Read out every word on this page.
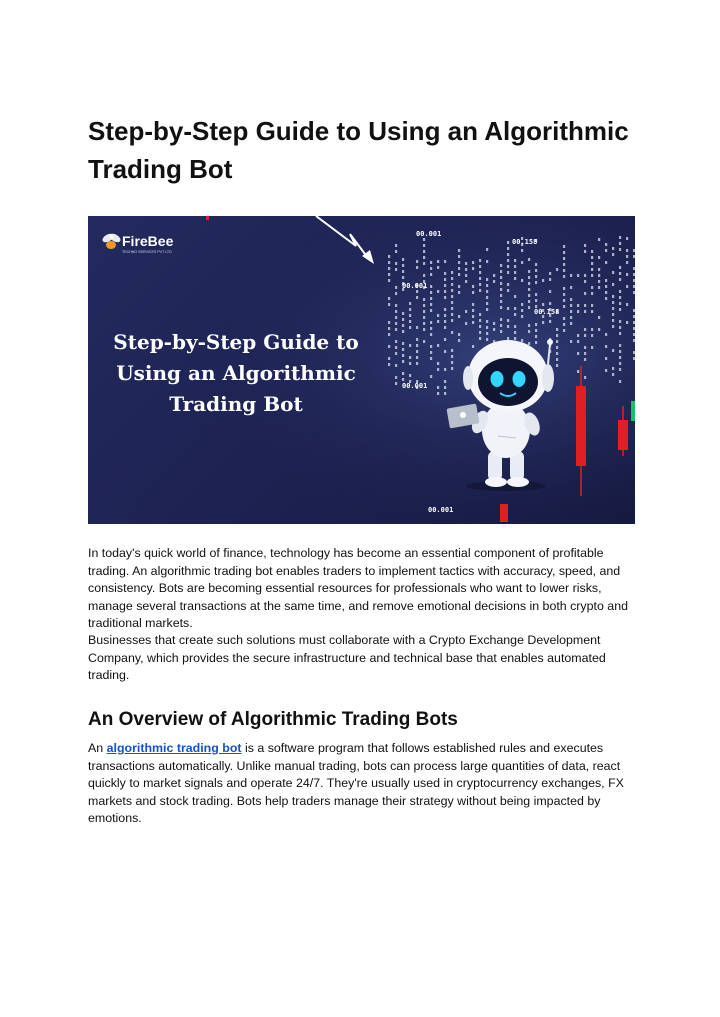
Step-by-Step Guide to Using an Algorithmic Trading Bot
00.001
00.158
00.001
00.158
00.001
00.001
FireBee
TECHNO SERVICES PVT LTD
Step-by-Step Guide to
Using an Algorithmic
Trading Bot

In today's quick world of finance, technology has become an essential component of profitable trading. An algorithmic trading bot enables traders to implement tactics with accuracy, speed, and consistency. Bots are becoming essential resources for professionals who want to lower risks, manage several transactions at the same time, and remove emotional decisions in both crypto and traditional markets.

Businesses that create such solutions must collaborate with a Crypto Exchange Development Company, which provides the secure infrastructure and technical base that enables automated trading.

An Overview of Algorithmic Trading Bots

An algorithmic trading bot is a software program that follows established rules and executes transactions automatically. Unlike manual trading, bots can process large quantities of data, react quickly to market signals and operate 24/7. They're usually used in cryptocurrency exchanges, FX markets and stock trading. Bots help traders manage their strategy without being impacted by emotions.
